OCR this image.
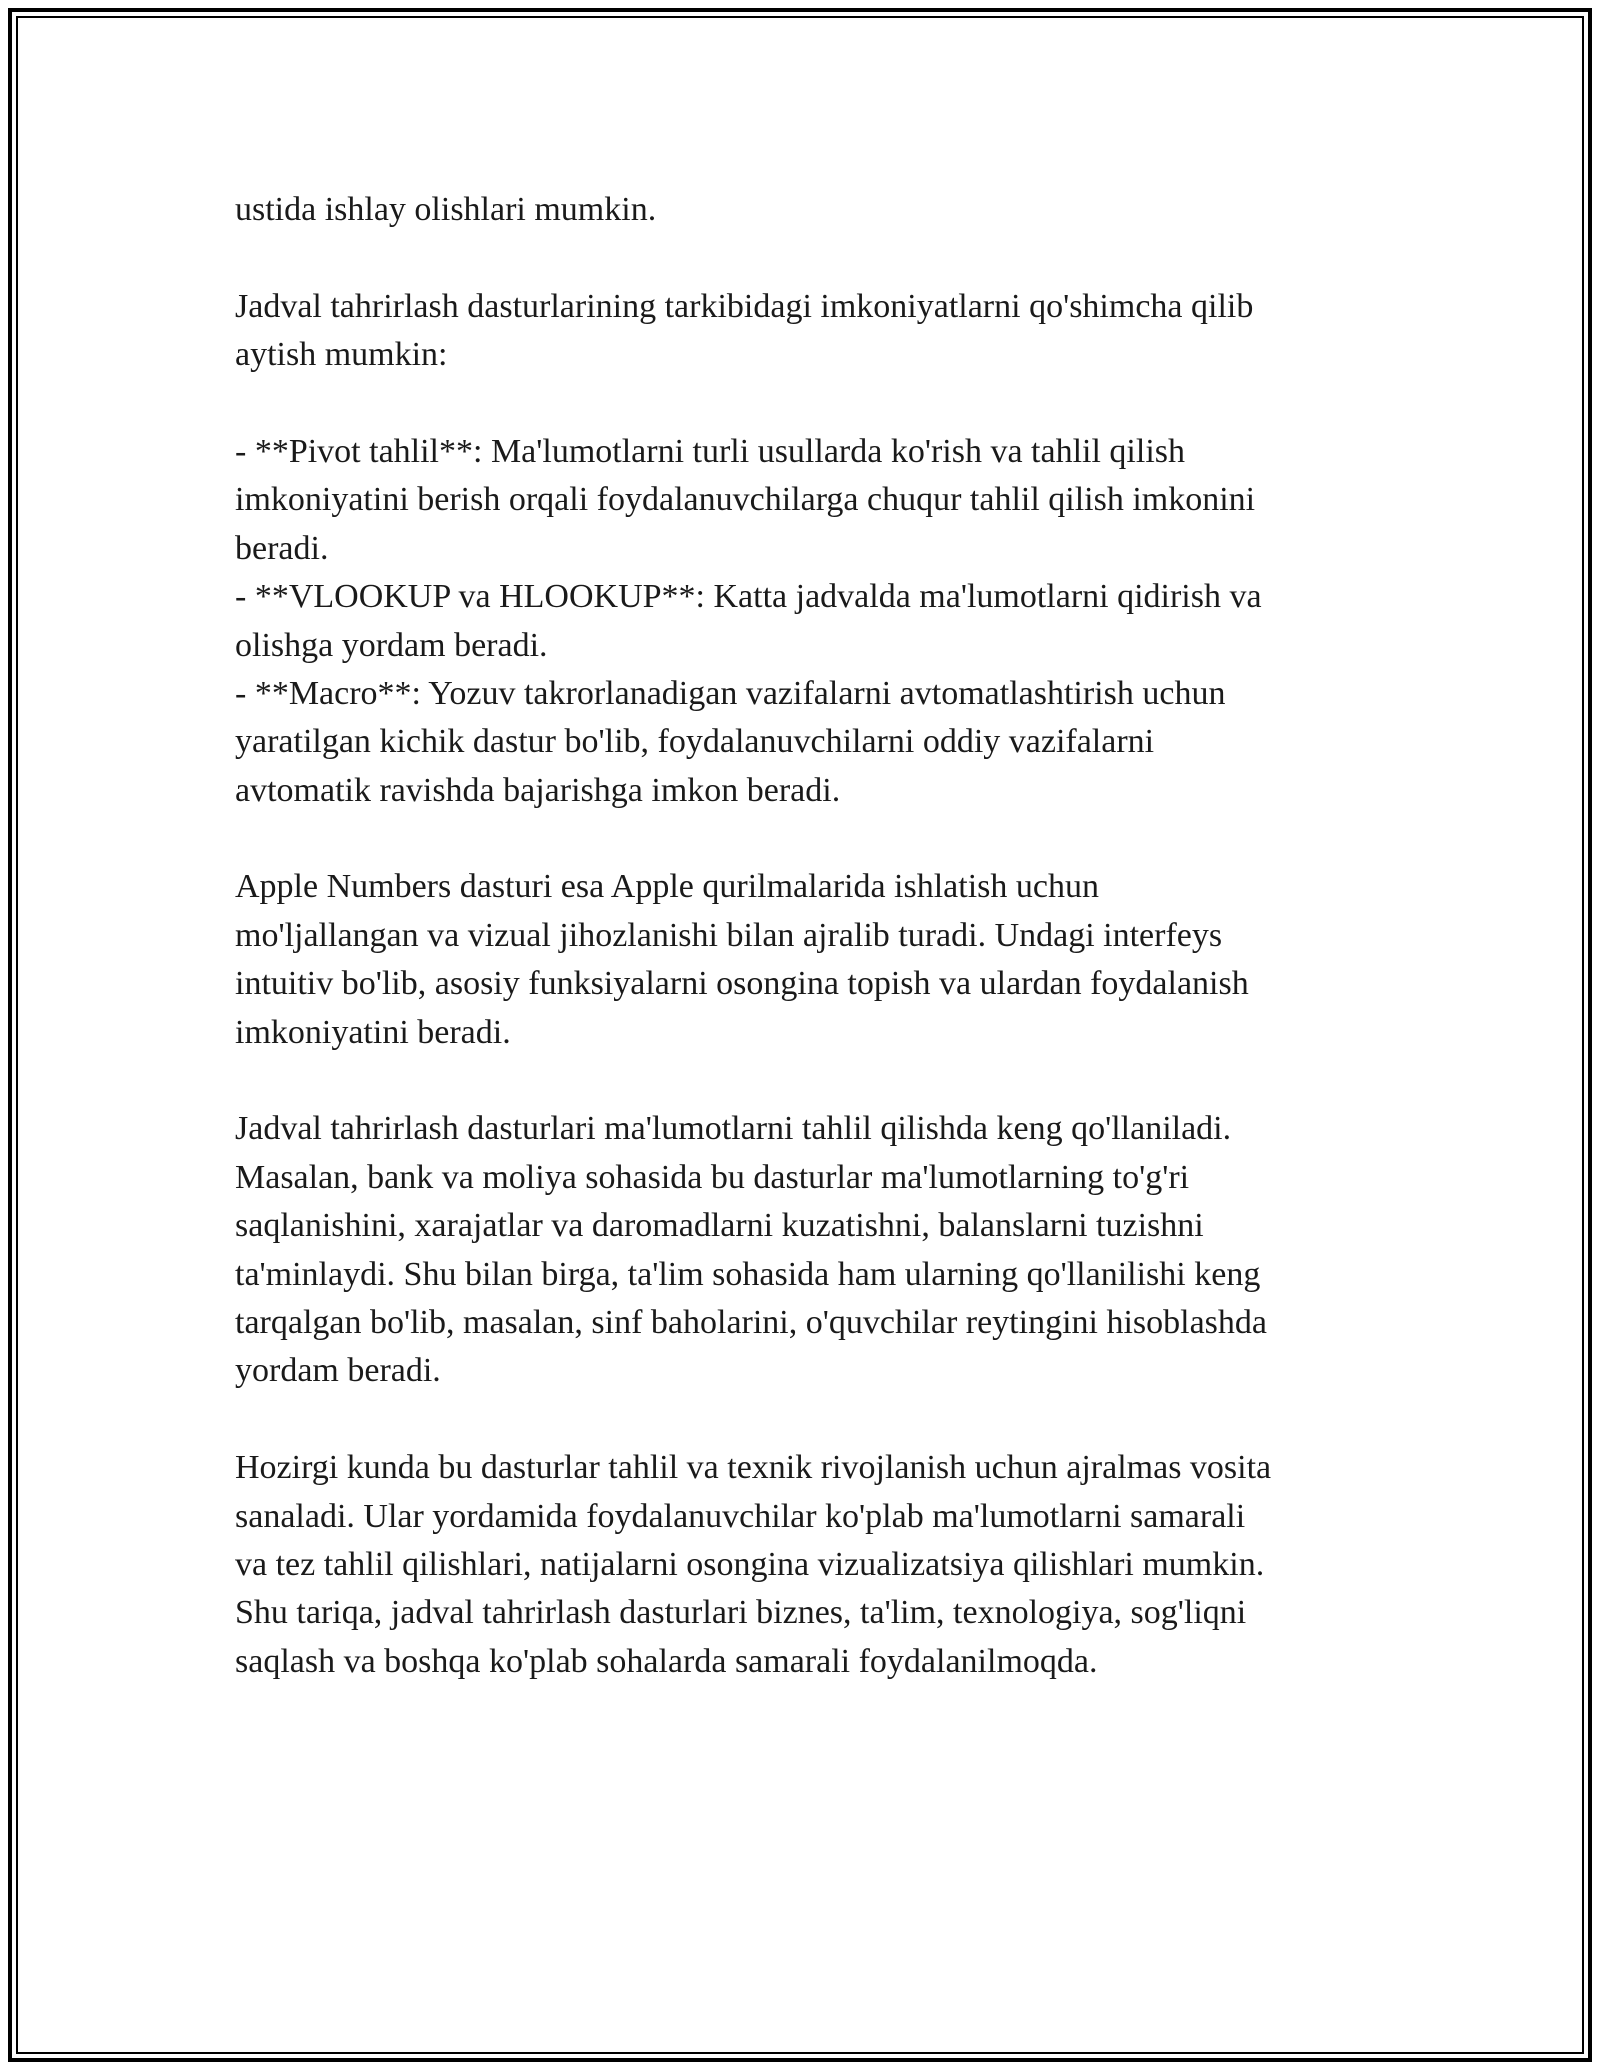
ustida ishlay olishlari mumkin.
Jadval tahrirlash dasturlarining tarkibidagi imkoniyatlarni qo'shimcha qilib
aytish mumkin:
- **Pivot tahlil**: Ma'lumotlarni turli usullarda ko'rish va tahlil qilish
imkoniyatini berish orqali foydalanuvchilarga chuqur tahlil qilish imkonini
beradi.
- **VLOOKUP va HLOOKUP**: Katta jadvalda ma'lumotlarni qidirish va
olishga yordam beradi.
- **Macro**: Yozuv takrorlanadigan vazifalarni avtomatlashtirish uchun
yaratilgan kichik dastur bo'lib, foydalanuvchilarni oddiy vazifalarni
avtomatik ravishda bajarishga imkon beradi.
Apple Numbers dasturi esa Apple qurilmalarida ishlatish uchun
mo'ljallangan va vizual jihozlanishi bilan ajralib turadi. Undagi interfeys
intuitiv bo'lib, asosiy funksiyalarni osongina topish va ulardan foydalanish
imkoniyatini beradi.
Jadval tahrirlash dasturlari ma'lumotlarni tahlil qilishda keng qo'llaniladi.
Masalan, bank va moliya sohasida bu dasturlar ma'lumotlarning to'g'ri
saqlanishini, xarajatlar va daromadlarni kuzatishni, balanslarni tuzishni
ta'minlaydi. Shu bilan birga, ta'lim sohasida ham ularning qo'llanilishi keng
tarqalgan bo'lib, masalan, sinf baholarini, o'quvchilar reytingini hisoblashda
yordam beradi.
Hozirgi kunda bu dasturlar tahlil va texnik rivojlanish uchun ajralmas vosita
sanaladi. Ular yordamida foydalanuvchilar ko'plab ma'lumotlarni samarali
va tez tahlil qilishlari, natijalarni osongina vizualizatsiya qilishlari mumkin.
Shu tariqa, jadval tahrirlash dasturlari biznes, ta'lim, texnologiya, sog'liqni
saqlash va boshqa ko'plab sohalarda samarali foydalanilmoqda.
